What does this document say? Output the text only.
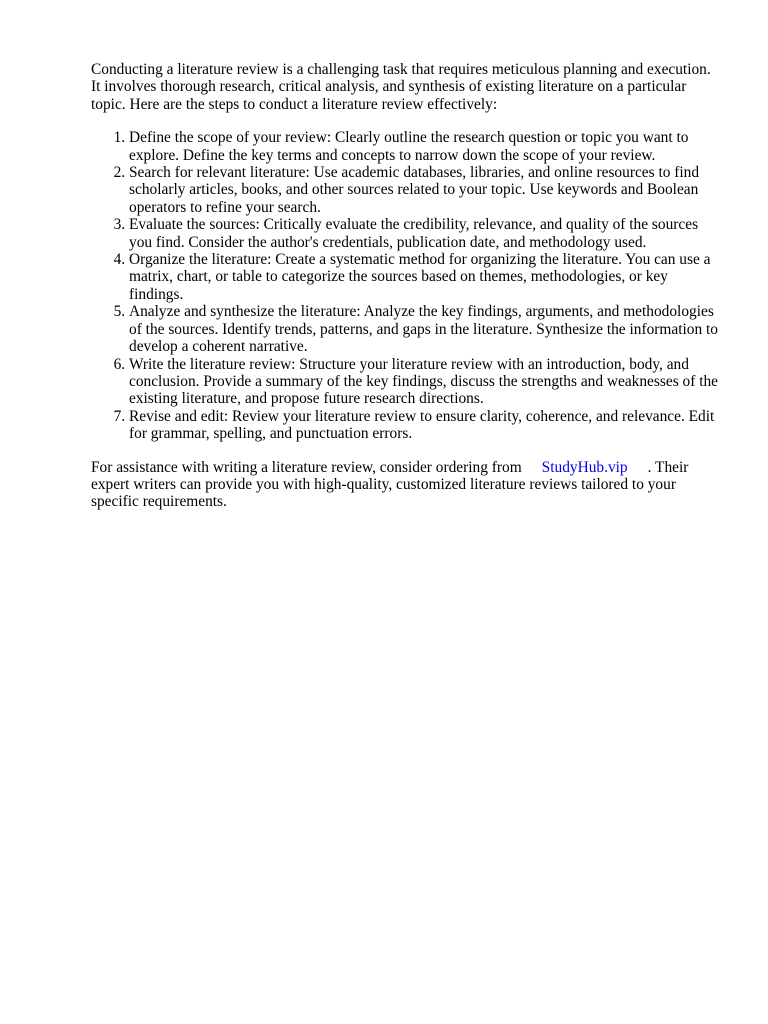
Conducting a literature review is a challenging task that requires meticulous planning and execution. It involves thorough research, critical analysis, and synthesis of existing literature on a particular topic. Here are the steps to conduct a literature review effectively:

1. Define the scope of your review: Clearly outline the research question or topic you want to explore. Define the key terms and concepts to narrow down the scope of your review.
2. Search for relevant literature: Use academic databases, libraries, and online resources to find scholarly articles, books, and other sources related to your topic. Use keywords and Boolean operators to refine your search.
3. Evaluate the sources: Critically evaluate the credibility, relevance, and quality of the sources you find. Consider the author's credentials, publication date, and methodology used.
4. Organize the literature: Create a systematic method for organizing the literature. You can use a matrix, chart, or table to categorize the sources based on themes, methodologies, or key findings.
5. Analyze and synthesize the literature: Analyze the key findings, arguments, and methodologies of the sources. Identify trends, patterns, and gaps in the literature. Synthesize the information to develop a coherent narrative.
6. Write the literature review: Structure your literature review with an introduction, body, and conclusion. Provide a summary of the key findings, discuss the strengths and weaknesses of the existing literature, and propose future research directions.
7. Revise and edit: Review your literature review to ensure clarity, coherence, and relevance. Edit for grammar, spelling, and punctuation errors.

For assistance with writing a literature review, consider ordering from StudyHub.vip . Their expert writers can provide you with high-quality, customized literature reviews tailored to your specific requirements.
